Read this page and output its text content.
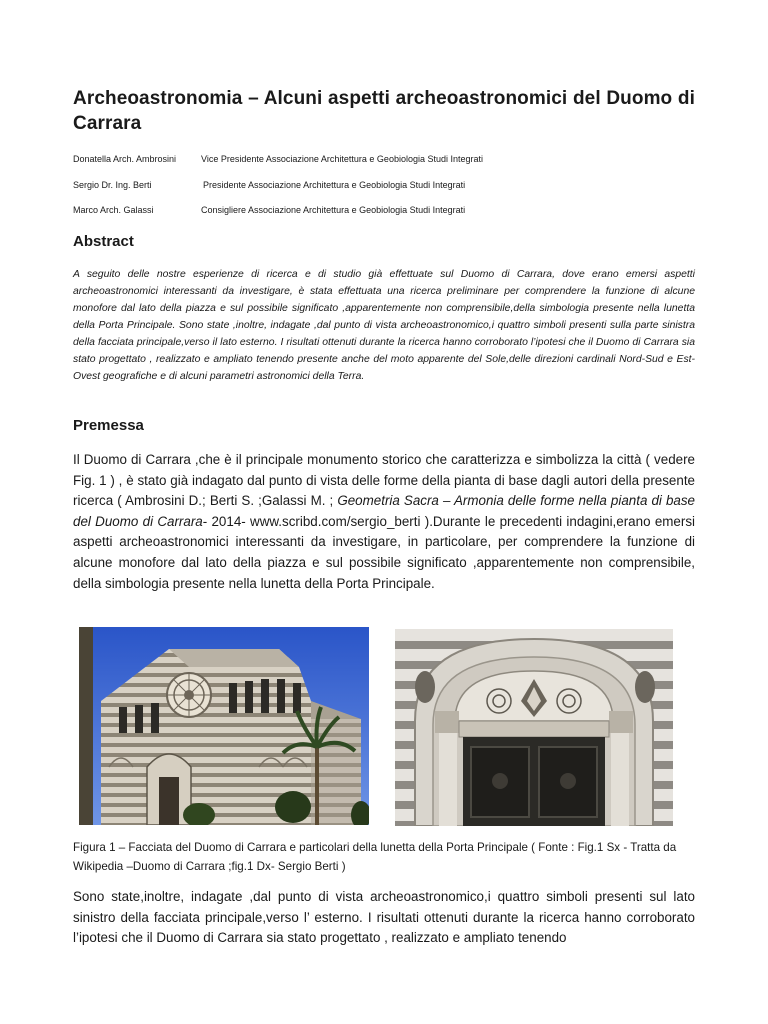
Archeoastronomia – Alcuni aspetti archeoastronomici del Duomo di Carrara
Donatella Arch. Ambrosini	Vice Presidente Associazione Architettura e Geobiologia Studi Integrati
Sergio Dr. Ing. Berti	Presidente Associazione Architettura e Geobiologia Studi Integrati
Marco Arch. Galassi	Consigliere Associazione Architettura e Geobiologia Studi Integrati
Abstract

A seguito delle nostre esperienze di ricerca e di studio già effettuate sul Duomo di Carrara, dove erano emersi aspetti archeoastronomici interessanti da investigare, è stata effettuata una ricerca preliminare per comprendere la funzione di alcune monofore dal lato della piazza e sul possibile significato ,apparentemente non comprensibile,della simbologia presente nella lunetta della Porta Principale. Sono state ,inoltre, indagate ,dal punto di vista archeoastronomico,i quattro simboli presenti sulla parte sinistra della facciata principale,verso il lato esterno. I risultati ottenuti durante la ricerca hanno corroborato l’ipotesi che il Duomo di Carrara sia stato progettato , realizzato e ampliato tenendo presente anche del moto apparente del Sole,delle direzioni cardinali Nord-Sud e Est-Ovest geografiche e di alcuni parametri astronomici della Terra.

Premessa

Il Duomo di Carrara ,che è il principale monumento storico che caratterizza e simbolizza la città ( vedere Fig. 1 ) , è stato già indagato dal punto di vista delle forme della pianta di base dagli autori della presente ricerca ( Ambrosini D.; Berti S. ;Galassi M. ; Geometria Sacra – Armonia delle forme nella pianta di base del Duomo di Carrara- 2014- www.scribd.com/sergio_berti ).Durante le precedenti indagini,erano emersi aspetti archeoastronomici interessanti da investigare, in particolare, per comprendere la funzione di alcune monofore dal lato della piazza e sul possibile significato ,apparentemente non comprensibile, della simbologia presente nella lunetta della Porta Principale.

Figura 1 – Facciata del Duomo di Carrara e particolari della lunetta della Porta Principale ( Fonte : Fig.1 Sx - Tratta da Wikipedia –Duomo di Carrara ;fig.1 Dx- Sergio Berti )

Sono state,inoltre, indagate ,dal punto di vista archeoastronomico,i quattro simboli presenti sul lato sinistro della facciata principale,verso l’ esterno. I risultati ottenuti durante la ricerca hanno corroborato l’ipotesi che il Duomo di Carrara sia stato progettato , realizzato e ampliato tenendo
